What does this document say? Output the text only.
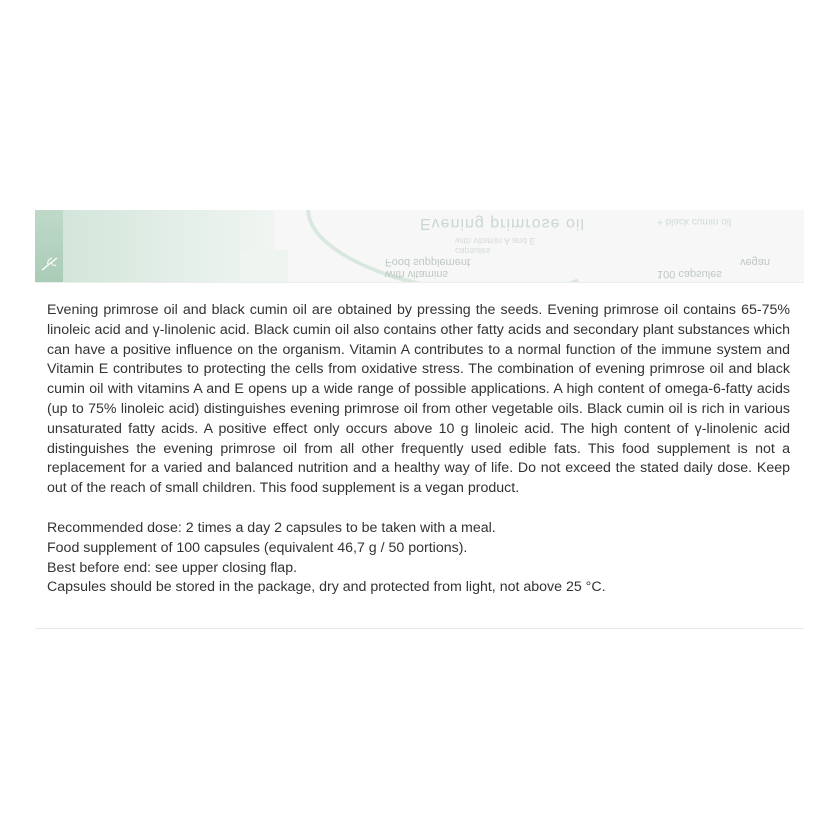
Evening primrose oil	+ black cumin oil
with vitamin A and E
capsules
Food supplement
with vitamins
vegan
100 capsules

Evening primrose oil and black cumin oil are obtained by pressing the seeds. Evening primrose oil contains 65-75% linoleic acid and γ-linolenic acid. Black cumin oil also contains other fatty acids and secondary plant substances which can have a positive influence on the organism. Vitamin A contributes to a normal function of the immune system and Vitamin E contributes to protecting the cells from oxidative stress. The combination of evening primrose oil and black cumin oil with vitamins A and E opens up a wide range of possible applications. A high content of omega-6-fatty acids (up to 75% linoleic acid) distinguishes evening primrose oil from other vegetable oils. Black cumin oil is rich in various unsaturated fatty acids. A positive effect only occurs above 10 g linoleic acid. The high content of γ-linolenic acid distinguishes the evening primrose oil from all other frequently used edible fats. This food supplement is not a replacement for a varied and balanced nutrition and a healthy way of life. Do not exceed the stated daily dose. Keep out of the reach of small children. This food supplement is a vegan product.

Recommended dose: 2 times a day 2 capsules to be taken with a meal.

Food supplement of 100 capsules (equivalent 46,7 g / 50 portions).

Best before end: see upper closing flap.

Capsules should be stored in the package, dry and protected from light, not above 25 °C.
